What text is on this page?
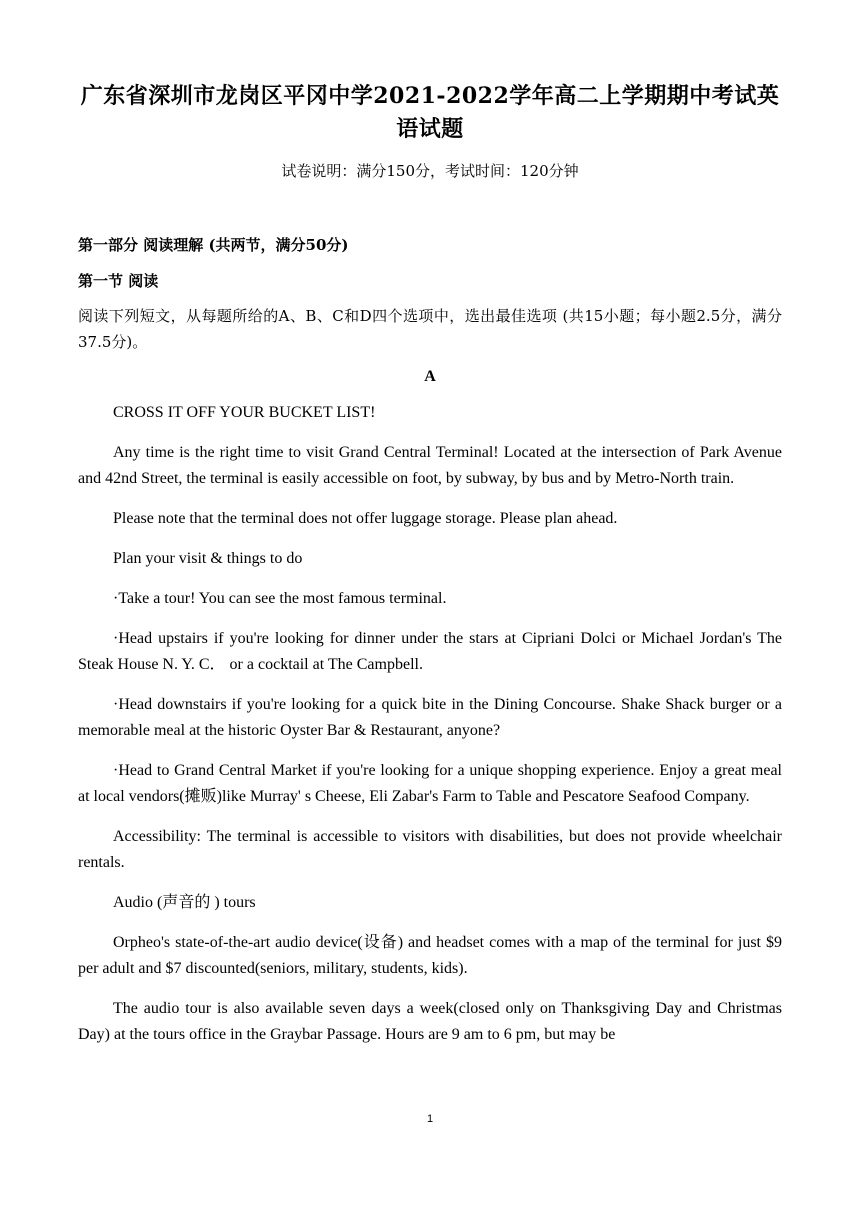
广东省深圳市龙岗区平冈中学2021-2022学年高二上学期期中考试英语试题

试卷说明：满分150分，考试时间：120分钟

第一部分 阅读理解 (共两节，满分50分)

第一节 阅读

阅读下列短文，从每题所给的A、B、C和D四个选项中，选出最佳选项 (共15小题；每小题2.5分，满分37.5分)。

A

CROSS IT OFF YOUR BUCKET LIST!

Any time is the right time to visit Grand Central Terminal! Located at the intersection of Park Avenue and 42nd Street, the terminal is easily accessible on foot, by subway, by bus and by Metro-North train.

Please note that the terminal does not offer luggage storage. Please plan ahead.

Plan your visit & things to do

·Take a tour! You can see the most famous terminal.

·Head upstairs if you're looking for dinner under the stars at Cipriani Dolci or Michael Jordan's The Steak House N. Y. C． or a cocktail at The Campbell.

·Head downstairs if you're looking for a quick bite in the Dining Concourse. Shake Shack burger or a memorable meal at the historic Oyster Bar & Restaurant, anyone?

·Head to Grand Central Market if you're looking for a unique shopping experience. Enjoy a great meal at local vendors(摊贩)like Murray' s Cheese, Eli Zabar's Farm to Table and Pescatore Seafood Company.

Accessibility: The terminal is accessible to visitors with disabilities, but does not provide wheelchair rentals.

Audio (声音的 ) tours

Orpheo's state-of-the-art audio device(设备) and headset comes with a map of the terminal for just $9 per adult and $7 discounted(seniors, military, students, kids).

The audio tour is also available seven days a week(closed only on Thanksgiving Day and Christmas Day) at the tours office in the Graybar Passage. Hours are 9 am to 6 pm, but may be

1
